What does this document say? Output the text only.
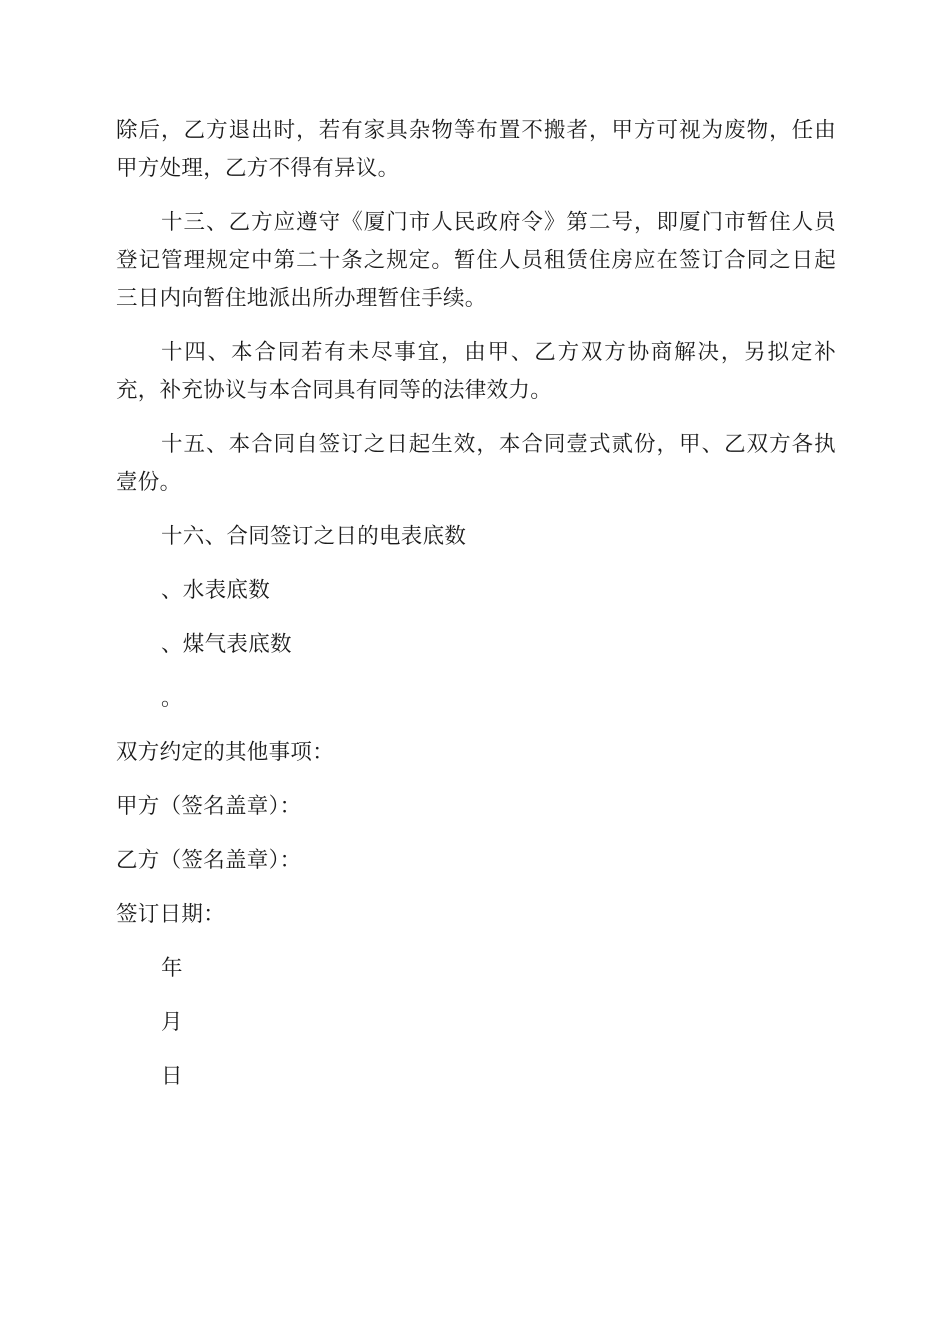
除后，乙方退出时，若有家具杂物等布置不搬者，甲方可视为废物，任由
甲方处理，乙方不得有异议。
十三、乙方应遵守《厦门市人民政府令》第二号，即厦门市暂住人员
登记管理规定中第二十条之规定。暂住人员租赁住房应在签订合同之日起
三日内向暂住地派出所办理暂住手续。
十四、本合同若有未尽事宜，由甲、乙方双方协商解决，另拟定补
充，补充协议与本合同具有同等的法律效力。
十五、本合同自签订之日起生效，本合同壹式贰份，甲、乙双方各执
壹份。
十六、合同签订之日的电表底数
、水表底数
、煤气表底数
。
双方约定的其他事项：
甲方（签名盖章）：
乙方（签名盖章）：
签订日期：
年
月
日
